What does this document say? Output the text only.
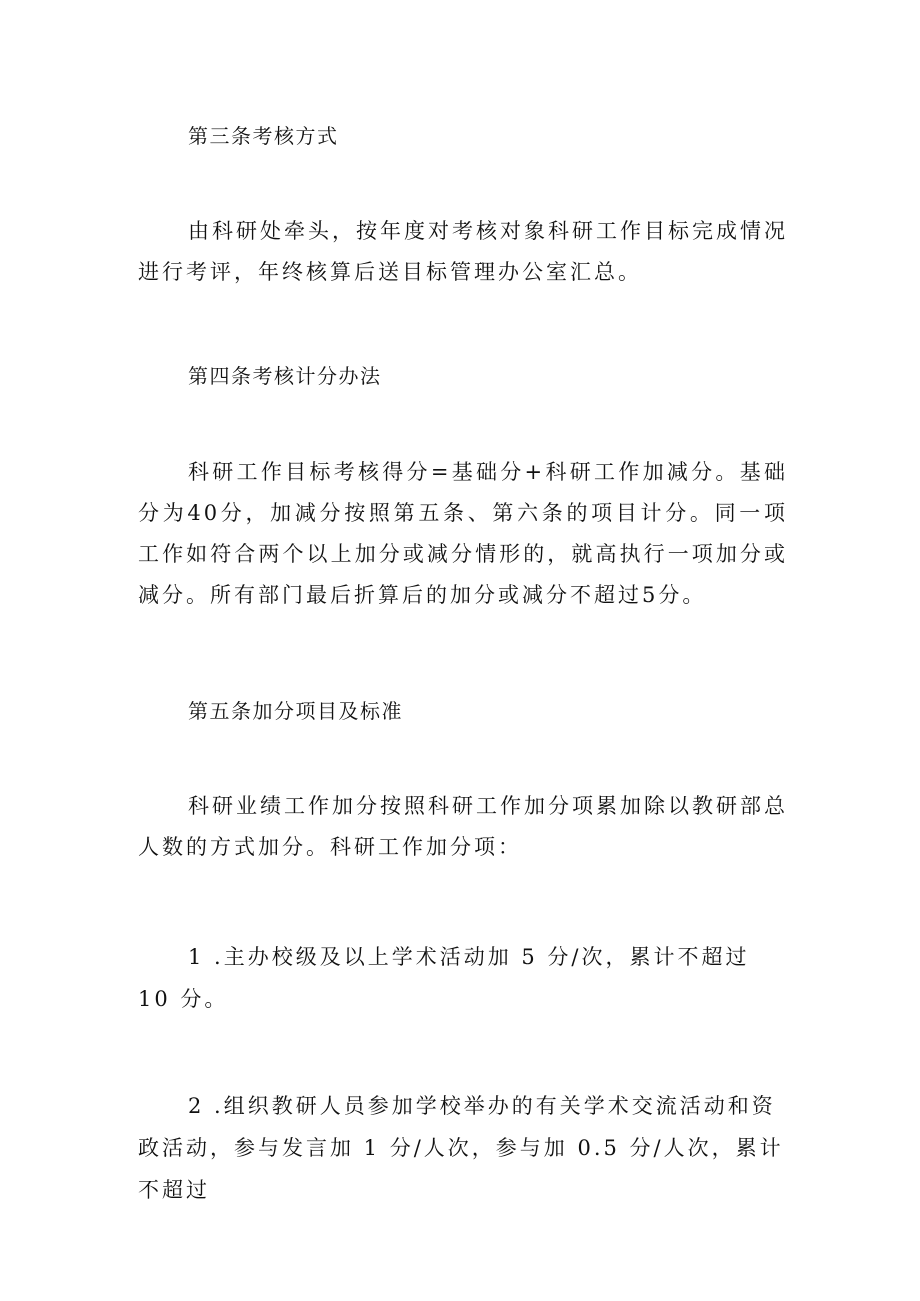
第三条考核方式

由科研处牵头，按年度对考核对象科研工作目标完成情况进行考评，年终核算后送目标管理办公室汇总。

第四条考核计分办法

科研工作目标考核得分=基础分+科研工作加减分。基础分为40分，加减分按照第五条、第六条的项目计分。同一项工作如符合两个以上加分或减分情形的，就高执行一项加分或减分。所有部门最后折算后的加分或减分不超过5分。

第五条加分项目及标准

科研业绩工作加分按照科研工作加分项累加除以教研部总人数的方式加分。科研工作加分项：

1 .主办校级及以上学术活动加 5 分/次，累计不超过 10 分。

2 .组织教研人员参加学校举办的有关学术交流活动和资政活动，参与发言加 1 分/人次，参与加 0.5 分/人次，累计不超过
